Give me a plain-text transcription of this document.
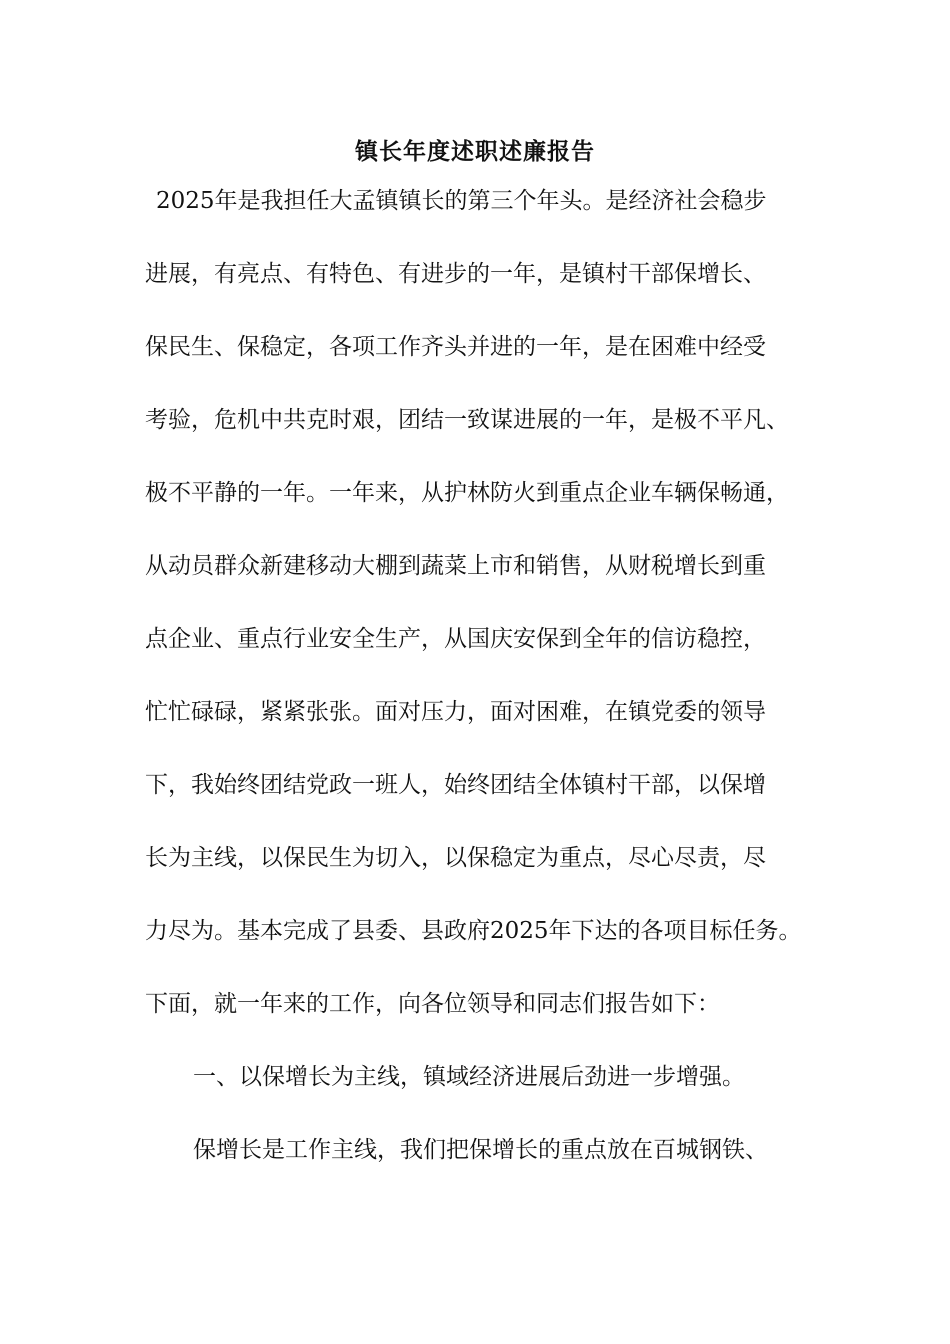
镇长年度述职述廉报告
2025年是我担任大孟镇镇长的第三个年头。是经济社会稳步
进展，有亮点、有特色、有进步的一年，是镇村干部保增长、
保民生、保稳定，各项工作齐头并进的一年，是在困难中经受
考验，危机中共克时艰，团结一致谋进展的一年，是极不平凡、
极不平静的一年。一年来，从护林防火到重点企业车辆保畅通，
从动员群众新建移动大棚到蔬菜上市和销售，从财税增长到重
点企业、重点行业安全生产，从国庆安保到全年的信访稳控，
忙忙碌碌，紧紧张张。面对压力，面对困难，在镇党委的领导
下，我始终团结党政一班人，始终团结全体镇村干部，以保增
长为主线，以保民生为切入，以保稳定为重点，尽心尽责，尽
力尽为。基本完成了县委、县政府2025年下达的各项目标任务。
下面，就一年来的工作，向各位领导和同志们报告如下：
一、以保增长为主线，镇域经济进展后劲进一步增强。
保增长是工作主线，我们把保增长的重点放在百城钢铁、
